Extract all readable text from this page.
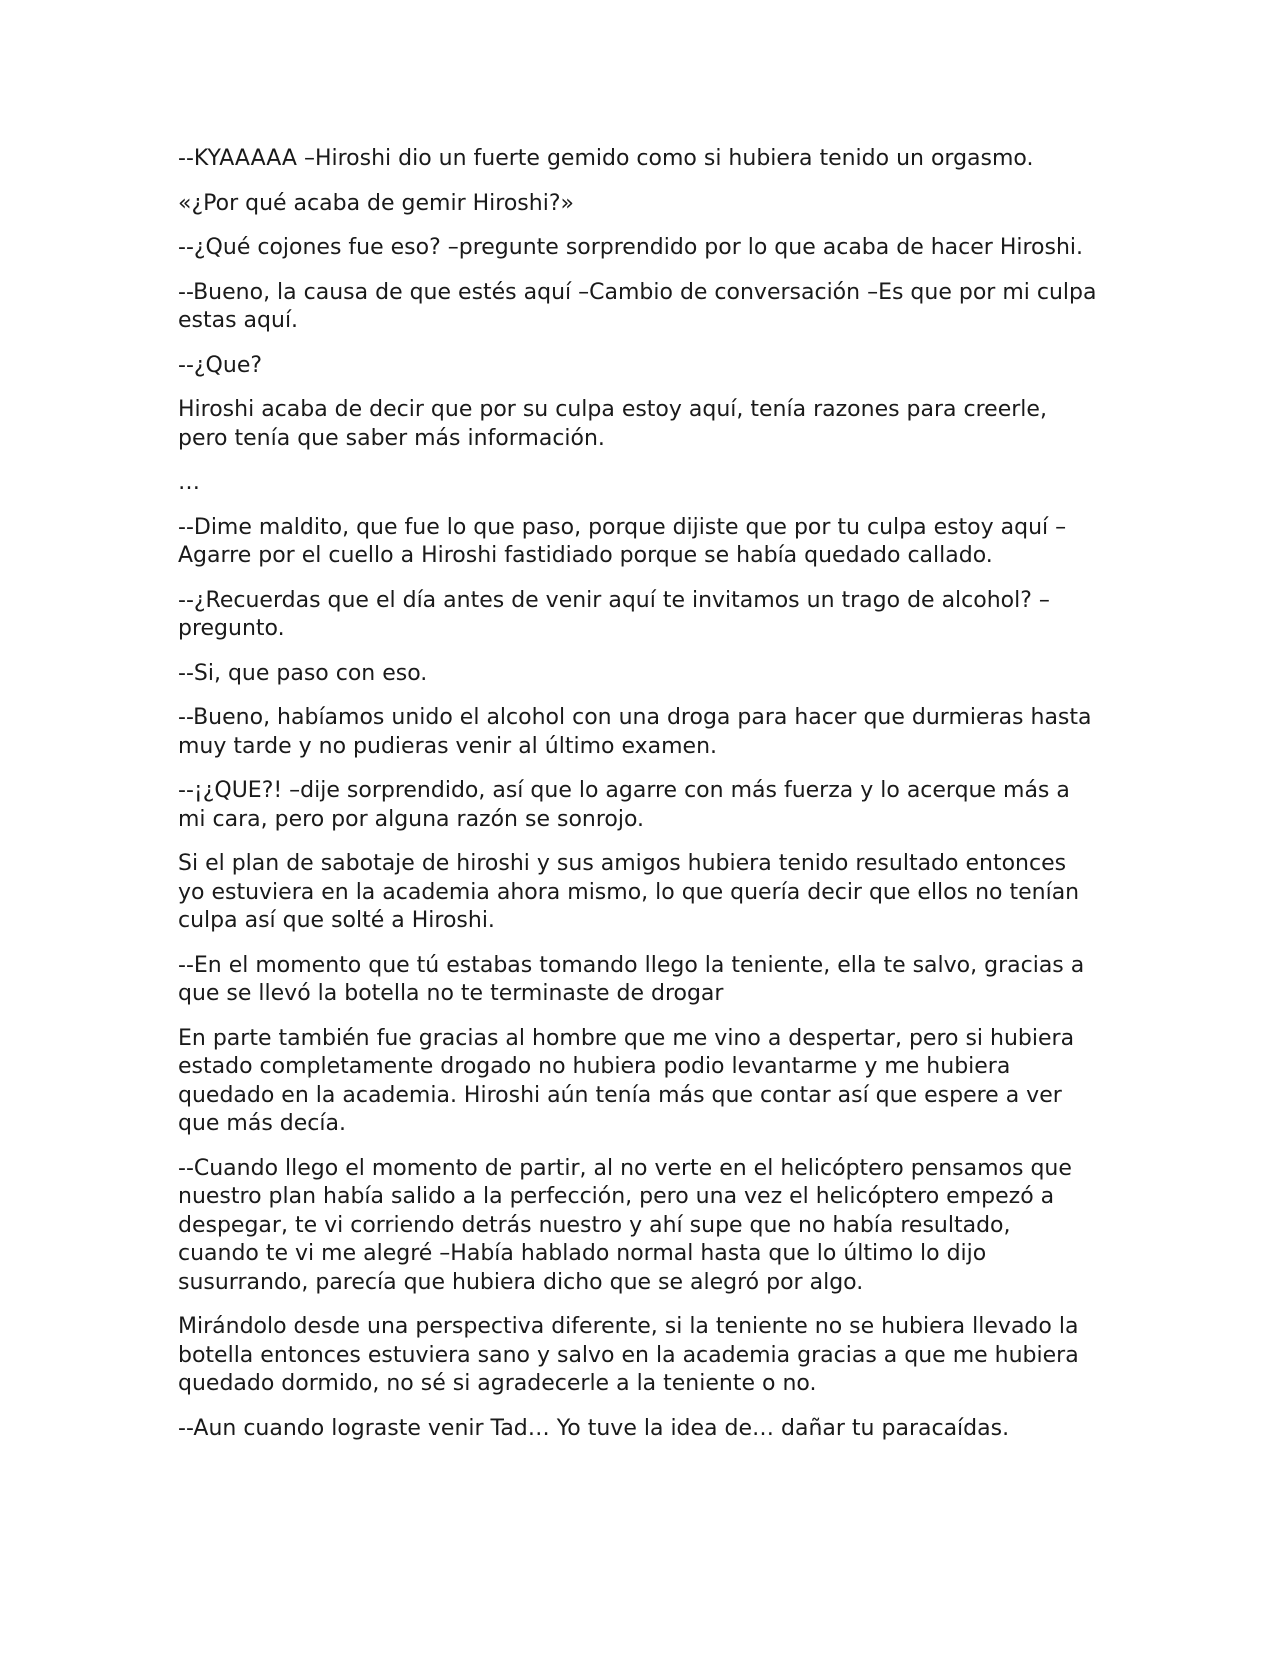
--KYAAAAA –Hiroshi dio un fuerte gemido como si hubiera tenido un orgasmo.

«¿Por qué acaba de gemir Hiroshi?»

--¿Qué cojones fue eso? –pregunte sorprendido por lo que acaba de hacer Hiroshi.

--Bueno, la causa de que estés aquí –Cambio de conversación –Es que por mi culpa estas aquí.

--¿Que?

Hiroshi acaba de decir que por su culpa estoy aquí, tenía razones para creerle, pero tenía que saber más información.

…

--Dime maldito, que fue lo que paso, porque dijiste que por tu culpa estoy aquí –Agarre por el cuello a Hiroshi fastidiado porque se había quedado callado.

--¿Recuerdas que el día antes de venir aquí te invitamos un trago de alcohol? –pregunto.

--Si, que paso con eso.

--Bueno, habíamos unido el alcohol con una droga para hacer que durmieras hasta muy tarde y no pudieras venir al último examen.

--¡¿QUE?! –dije sorprendido, así que lo agarre con más fuerza y lo acerque más a mi cara, pero por alguna razón se sonrojo.

Si el plan de sabotaje de hiroshi y sus amigos hubiera tenido resultado entonces yo estuviera en la academia ahora mismo, lo que quería decir que ellos no tenían culpa así que solté a Hiroshi.

--En el momento que tú estabas tomando llego la teniente, ella te salvo, gracias a que se llevó la botella no te terminaste de drogar

En parte también fue gracias al hombre que me vino a despertar, pero si hubiera estado completamente drogado no hubiera podio levantarme y me hubiera quedado en la academia. Hiroshi aún tenía más que contar así que espere a ver que más decía.

--Cuando llego el momento de partir, al no verte en el helicóptero pensamos que nuestro plan había salido a la perfección, pero una vez el helicóptero empezó a despegar, te vi corriendo detrás nuestro y ahí supe que no había resultado, cuando te vi me alegré –Había hablado normal hasta que lo último lo dijo susurrando, parecía que hubiera dicho que se alegró por algo.

Mirándolo desde una perspectiva diferente, si la teniente no se hubiera llevado la botella entonces estuviera sano y salvo en la academia gracias a que me hubiera quedado dormido, no sé si agradecerle a la teniente o no.

--Aun cuando lograste venir Tad… Yo tuve la idea de… dañar tu paracaídas.
